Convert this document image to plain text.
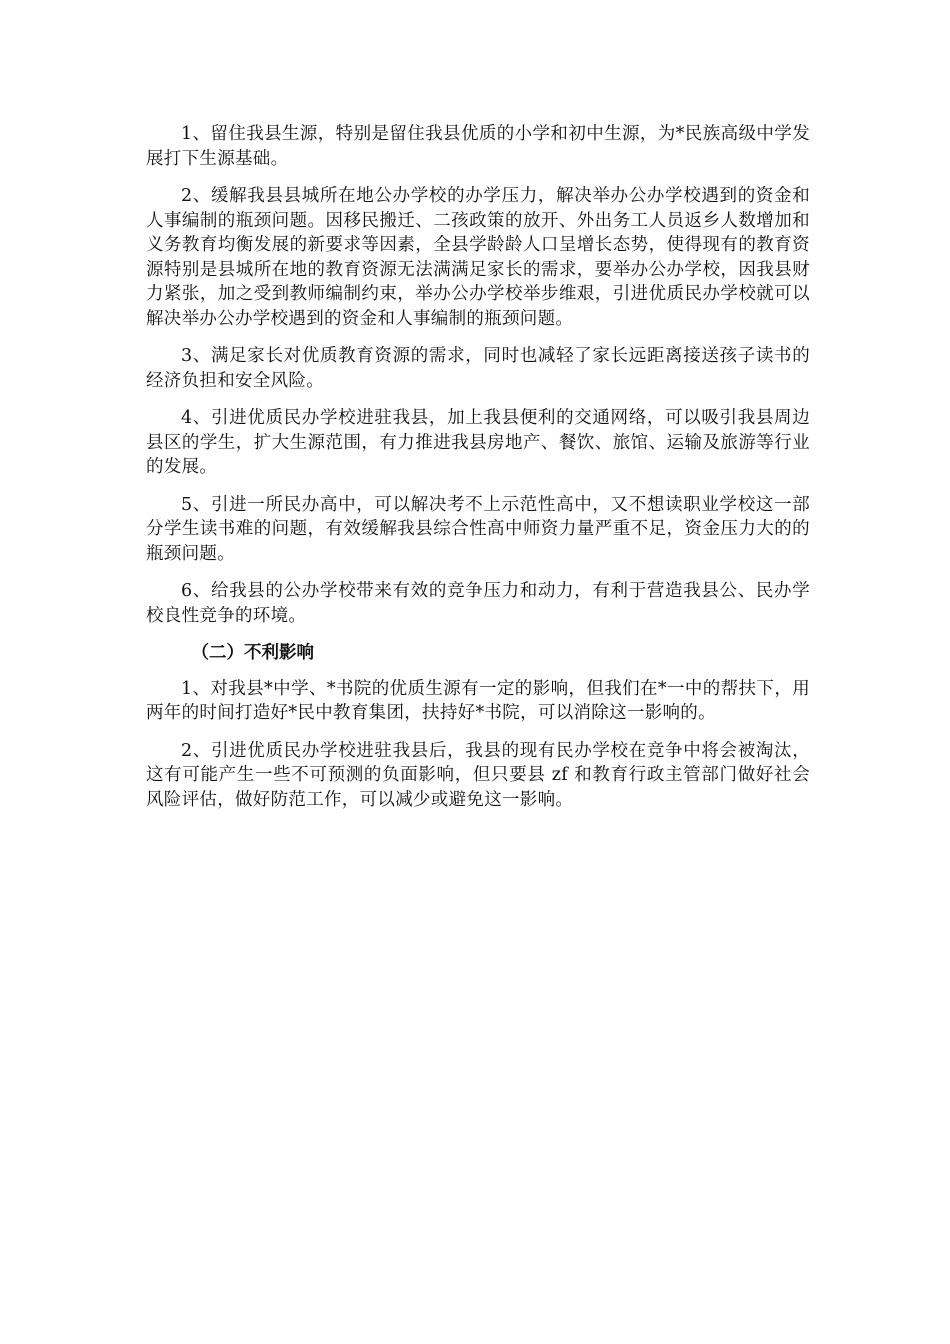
1、留住我县生源，特别是留住我县优质的小学和初中生源，为*民族高级中学发展打下生源基础。

2、缓解我县县城所在地公办学校的办学压力，解决举办公办学校遇到的资金和人事编制的瓶颈问题。因移民搬迁、二孩政策的放开、外出务工人员返乡人数增加和义务教育均衡发展的新要求等因素，全县学龄龄人口呈增长态势，使得现有的教育资源特别是县城所在地的教育资源无法满满足家长的需求，要举办公办学校，因我县财力紧张，加之受到教师编制约束，举办公办学校举步维艰，引进优质民办学校就可以解决举办公办学校遇到的资金和人事编制的瓶颈问题。

3、满足家长对优质教育资源的需求，同时也减轻了家长远距离接送孩子读书的经济负担和安全风险。

4、引进优质民办学校进驻我县，加上我县便利的交通网络，可以吸引我县周边县区的学生，扩大生源范围，有力推进我县房地产、餐饮、旅馆、运输及旅游等行业的发展。

5、引进一所民办高中，可以解决考不上示范性高中，又不想读职业学校这一部分学生读书难的问题，有效缓解我县综合性高中师资力量严重不足，资金压力大的的瓶颈问题。

6、给我县的公办学校带来有效的竞争压力和动力，有利于营造我县公、民办学校良性竞争的环境。

（二）不利影响

1、对我县*中学、*书院的优质生源有一定的影响，但我们在*一中的帮扶下，用两年的时间打造好*民中教育集团，扶持好*书院，可以消除这一影响的。

2、引进优质民办学校进驻我县后，我县的现有民办学校在竞争中将会被淘汰，这有可能产生一些不可预测的负面影响，但只要县 zf 和教育行政主管部门做好社会风险评估，做好防范工作，可以减少或避免这一影响。
